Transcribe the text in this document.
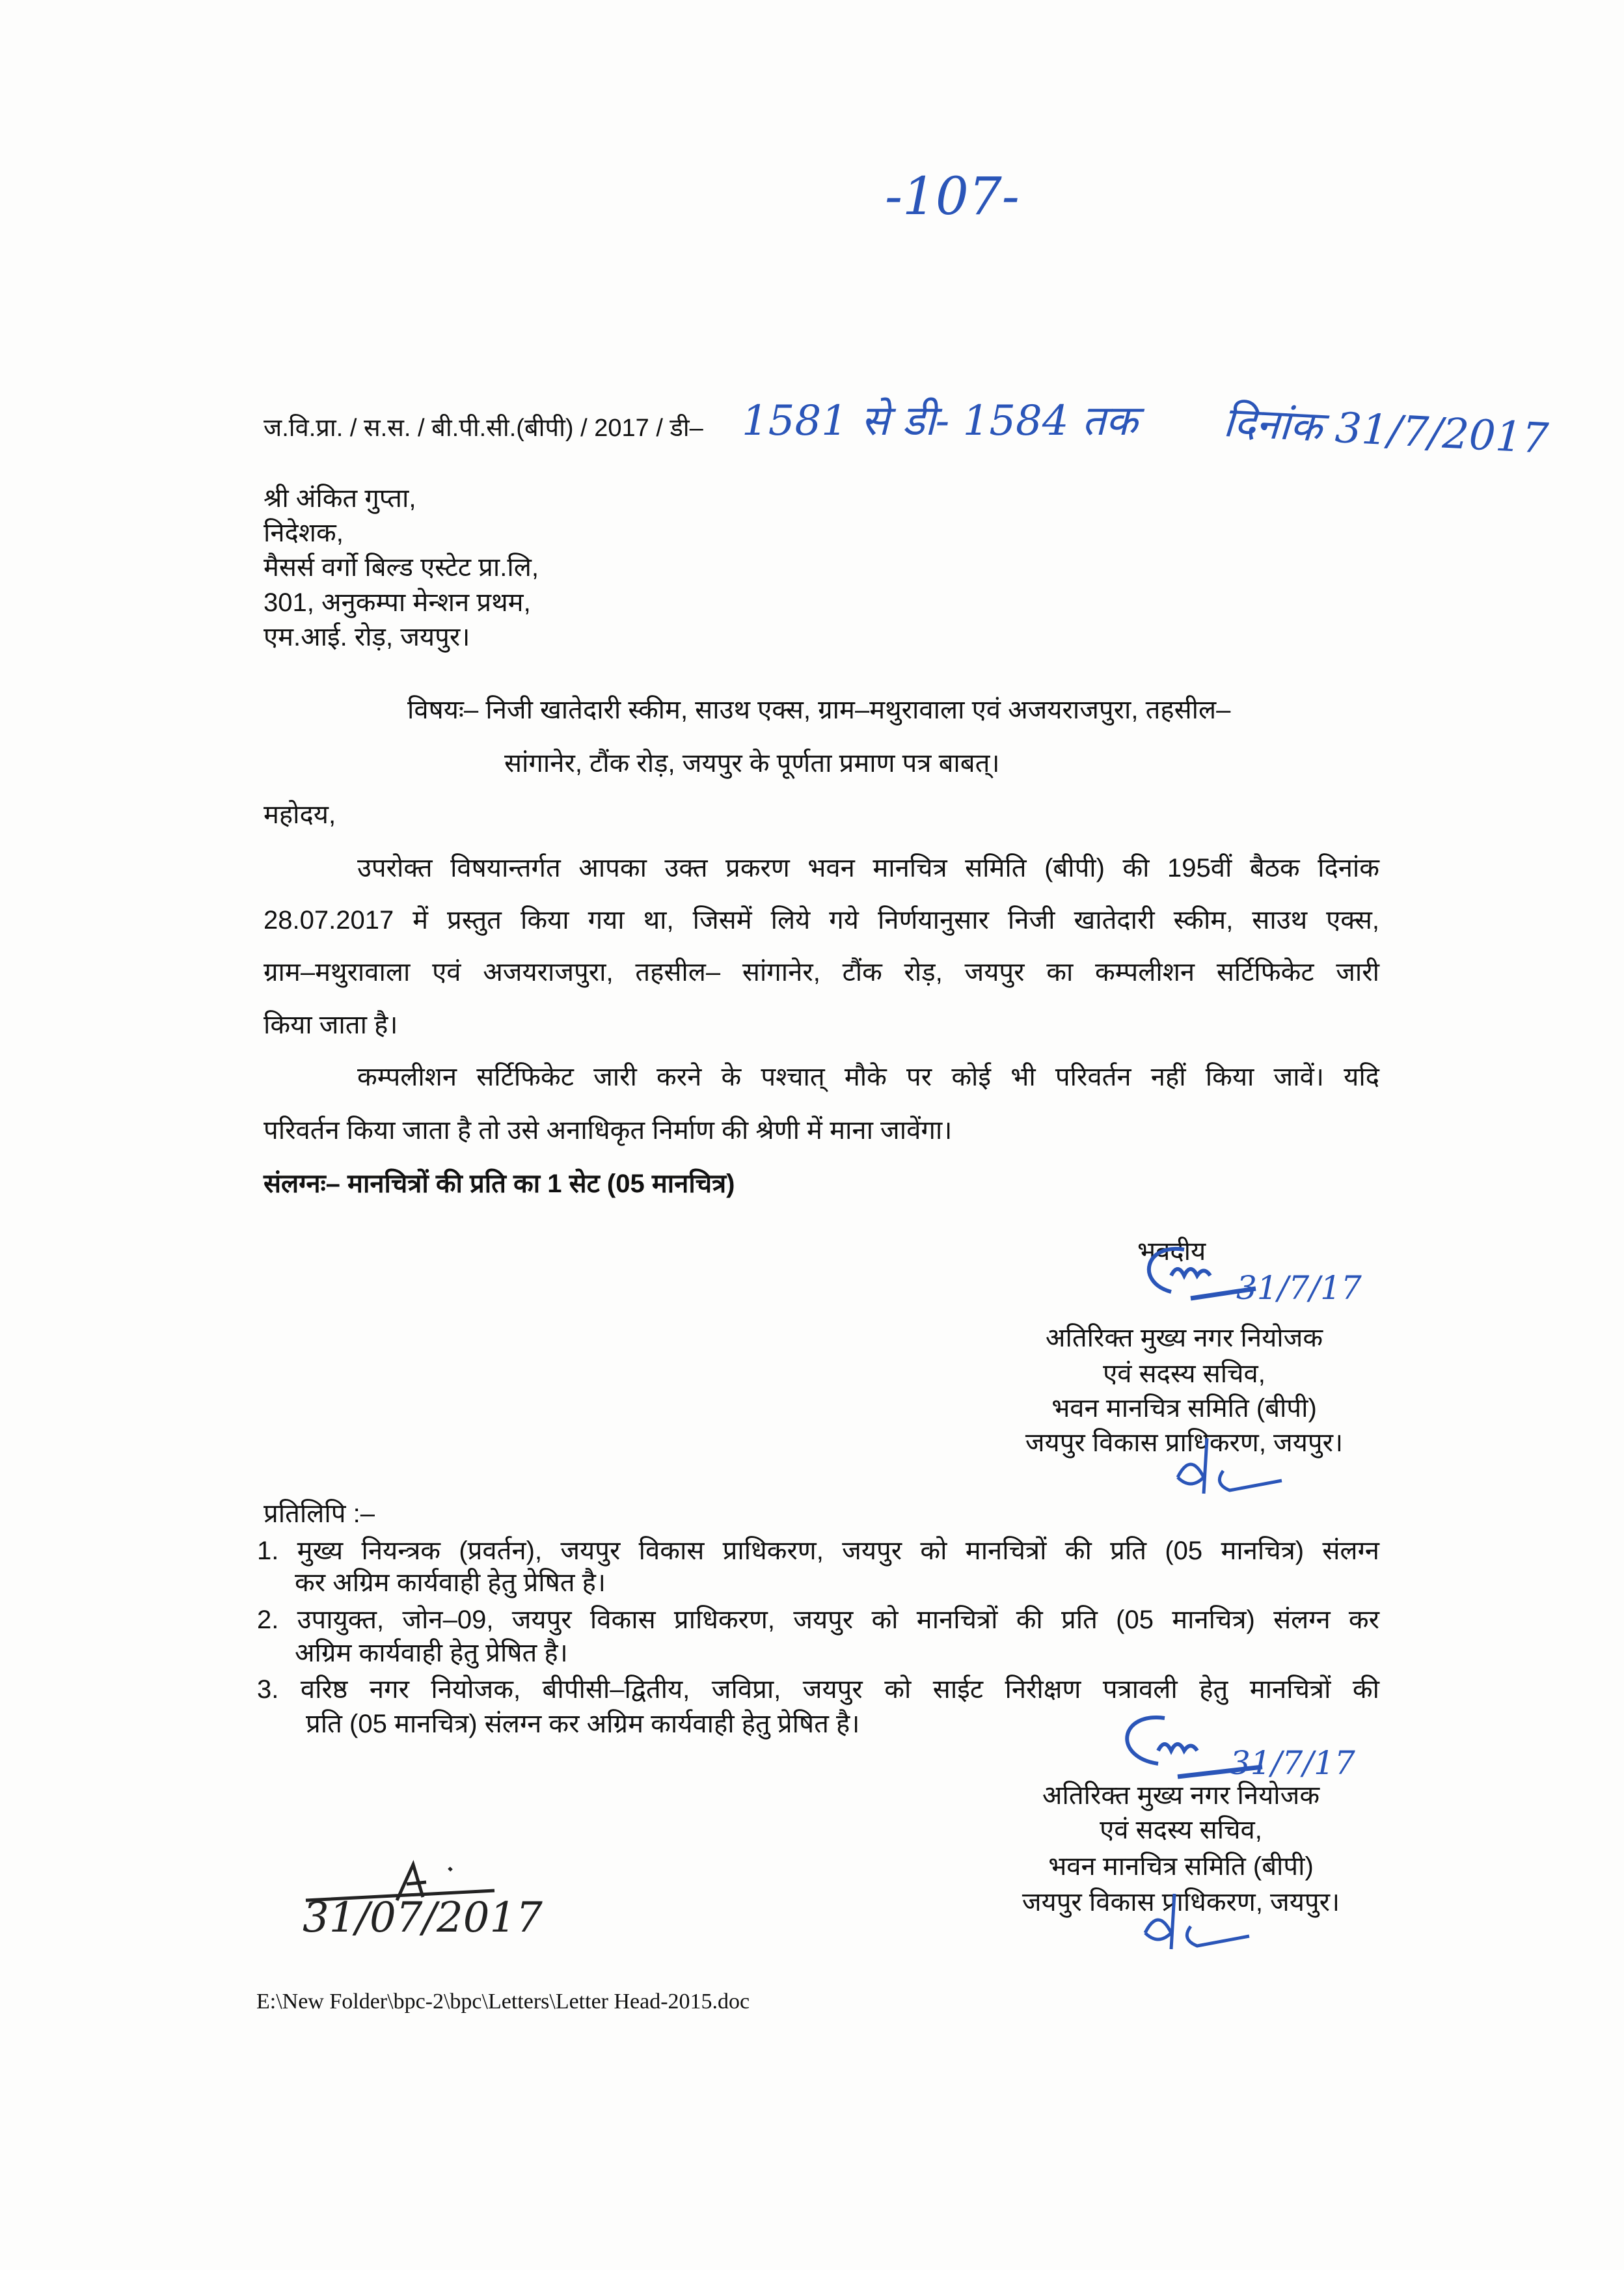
-107-
ज.वि.प्रा. / स.स. / बी.पी.सी.(बीपी) / 2017 / डी– 1581 से डी- 1584 तक दिनांक 31/7/2017
श्री अंकित गुप्ता,
निदेशक,
मैसर्स वर्गो बिल्ड एस्टेट प्रा.लि,
301, अनुकम्पा मेन्शन प्रथम,
एम.आई. रोड़, जयपुर।
विषयः– निजी खातेदारी स्कीम, साउथ एक्स, ग्राम–मथुरावाला एवं अजयराजपुरा, तहसील–
सांगानेर, टौंक रोड़, जयपुर के पूर्णता प्रमाण पत्र बाबत्।
महोदय,
उपरोक्त विषयान्तर्गत आपका उक्त प्रकरण भवन मानचित्र समिति (बीपी) की 195वीं बैठक दिनांक
28.07.2017 में प्रस्तुत किया गया था, जिसमें लिये गये निर्णयानुसार निजी खातेदारी स्कीम, साउथ एक्स,
ग्राम–मथुरावाला एवं अजयराजपुरा, तहसील– सांगानेर, टौंक रोड़, जयपुर का कम्पलीशन सर्टिफिकेट जारी
किया जाता है।
कम्पलीशन सर्टिफिकेट जारी करने के पश्चात् मौके पर कोई भी परिवर्तन नहीं किया जावें। यदि
परिवर्तन किया जाता है तो उसे अनाधिकृत निर्माण की श्रेणी में माना जावेंगा।
संलग्नः– मानचित्रों की प्रति का 1 सेट (05 मानचित्र)
भवदीय
31/7/17
अतिरिक्त मुख्य नगर नियोजक
एवं सदस्य सचिव,
भवन मानचित्र समिति (बीपी)
जयपुर विकास प्राधिकरण, जयपुर।
प्रतिलिपि :–
1. मुख्य नियन्त्रक (प्रवर्तन), जयपुर विकास प्राधिकरण, जयपुर को मानचित्रों की प्रति (05 मानचित्र) संलग्न
कर अग्रिम कार्यवाही हेतु प्रेषित है।
2. उपायुक्त, जोन–09, जयपुर विकास प्राधिकरण, जयपुर को मानचित्रों की प्रति (05 मानचित्र) संलग्न कर
अग्रिम कार्यवाही हेतु प्रेषित है।
3. वरिष्ठ नगर नियोजक, बीपीसी–द्वितीय, जविप्रा, जयपुर को साईट निरीक्षण पत्रावली हेतु मानचित्रों की
प्रति (05 मानचित्र) संलग्न कर अग्रिम कार्यवाही हेतु प्रेषित है।
31/7/17
अतिरिक्त मुख्य नगर नियोजक
एवं सदस्य सचिव,
भवन मानचित्र समिति (बीपी)
जयपुर विकास प्राधिकरण, जयपुर।
31/07/2017
E:\New Folder\bpc-2\bpc\Letters\Letter Head-2015.doc
